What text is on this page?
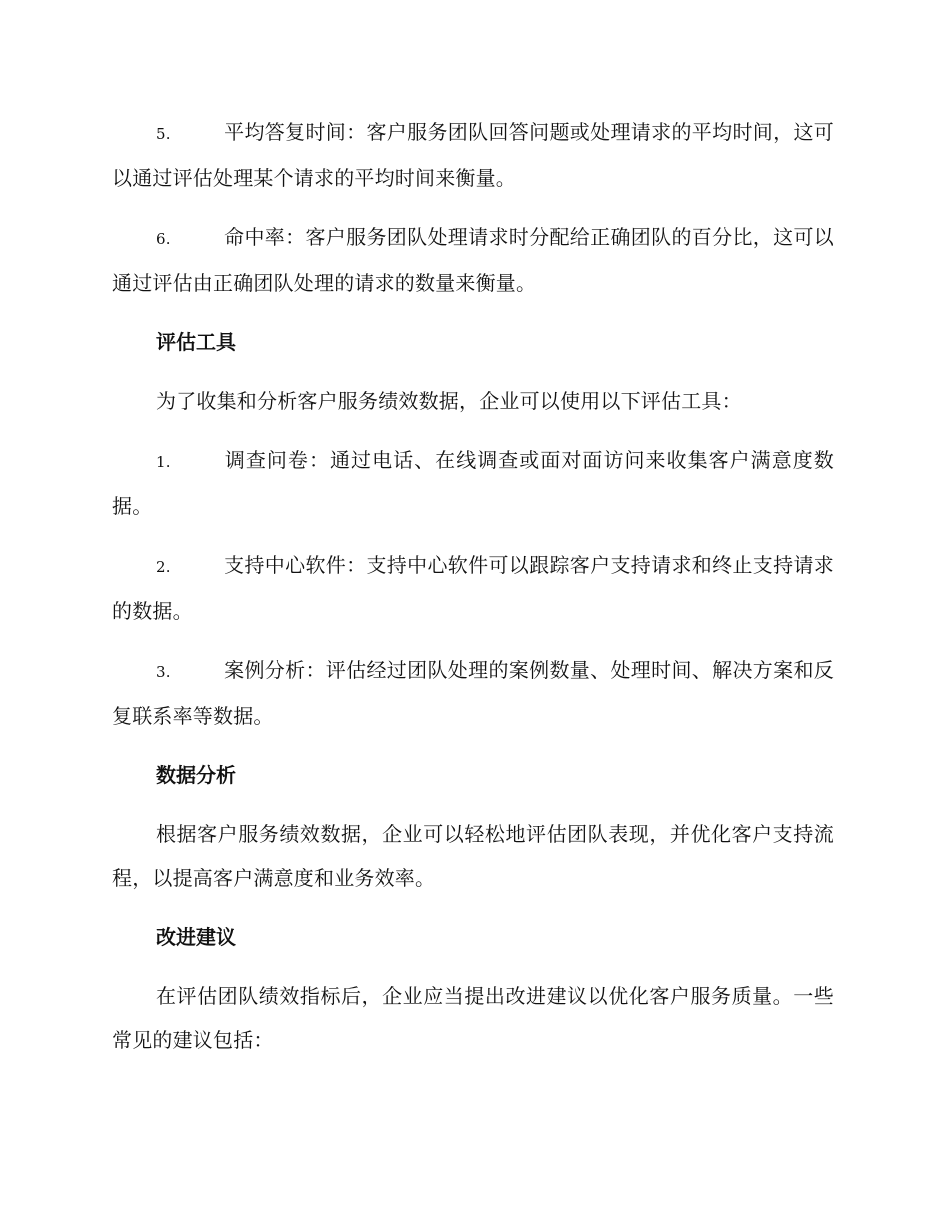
5.	平均答复时间：客户服务团队回答问题或处理请求的平均时间，这可以通过评估处理某个请求的平均时间来衡量。

6.	命中率：客户服务团队处理请求时分配给正确团队的百分比，这可以通过评估由正确团队处理的请求的数量来衡量。

评估工具

为了收集和分析客户服务绩效数据，企业可以使用以下评估工具：

1.	调查问卷：通过电话、在线调查或面对面访问来收集客户满意度数据。

2.	支持中心软件：支持中心软件可以跟踪客户支持请求和终止支持请求的数据。

3.	案例分析：评估经过团队处理的案例数量、处理时间、解决方案和反复联系率等数据。

数据分析

根据客户服务绩效数据，企业可以轻松地评估团队表现，并优化客户支持流程，以提高客户满意度和业务效率。

改进建议

在评估团队绩效指标后，企业应当提出改进建议以优化客户服务质量。一些常见的建议包括：
